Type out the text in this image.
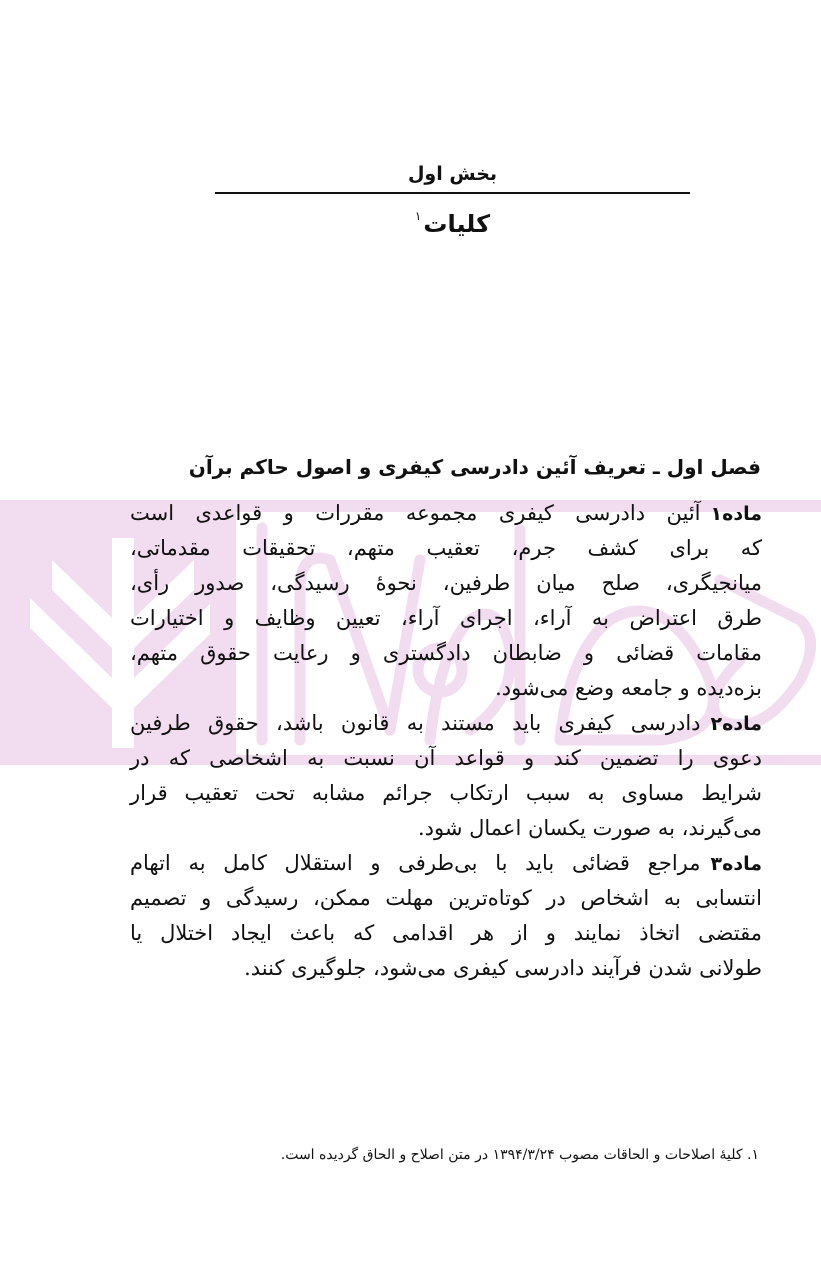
بخش اول
کلیات$^۱$
فصل اول ـ تعریف آئین دادرسی کیفری و اصول حاکم برآن
ماده۱آئین دادرسی کیفری مجموعه مقررات و قواعدی است
که برای کشف جرم، تعقیب متهم، تحقیقات مقدماتی،
میانجیگری، صلح میان طرفین، نحوهٔ رسیدگی، صدور رأی،
طرق اعتراض به آراء، اجرای آراء، تعیین وظایف و اختیارات
مقامات قضائی و ضابطان دادگستری و رعایت حقوق متهم،
بزه‌دیده و جامعه وضع می‌شود.
ماده۲دادرسی کیفری باید مستند به قانون باشد، حقوق طرفین
دعوی را تضمین کند و قواعد آن نسبت به اشخاصی که در
شرایط مساوی به سبب ارتکاب جرائم مشابه تحت تعقیب قرار
می‌گیرند، به صورت یکسان اعمال شود.
ماده۳مراجع قضائی باید با بی‌طرفی و استقلال کامل به اتهام
انتسابی به اشخاص در کوتاه‌ترین مهلت ممکن، رسیدگی و تصمیم
مقتضی اتخاذ نمایند و از هر اقدامی که باعث ایجاد اختلال یا
طولانی شدن فرآیند دادرسی کیفری می‌شود، جلوگیری کنند.
۱. کلیهٔ اصلاحات و الحاقات مصوب ۱۳۹۴/۳/۲۴ در متن اصلاح و الحاق گردیده است.
